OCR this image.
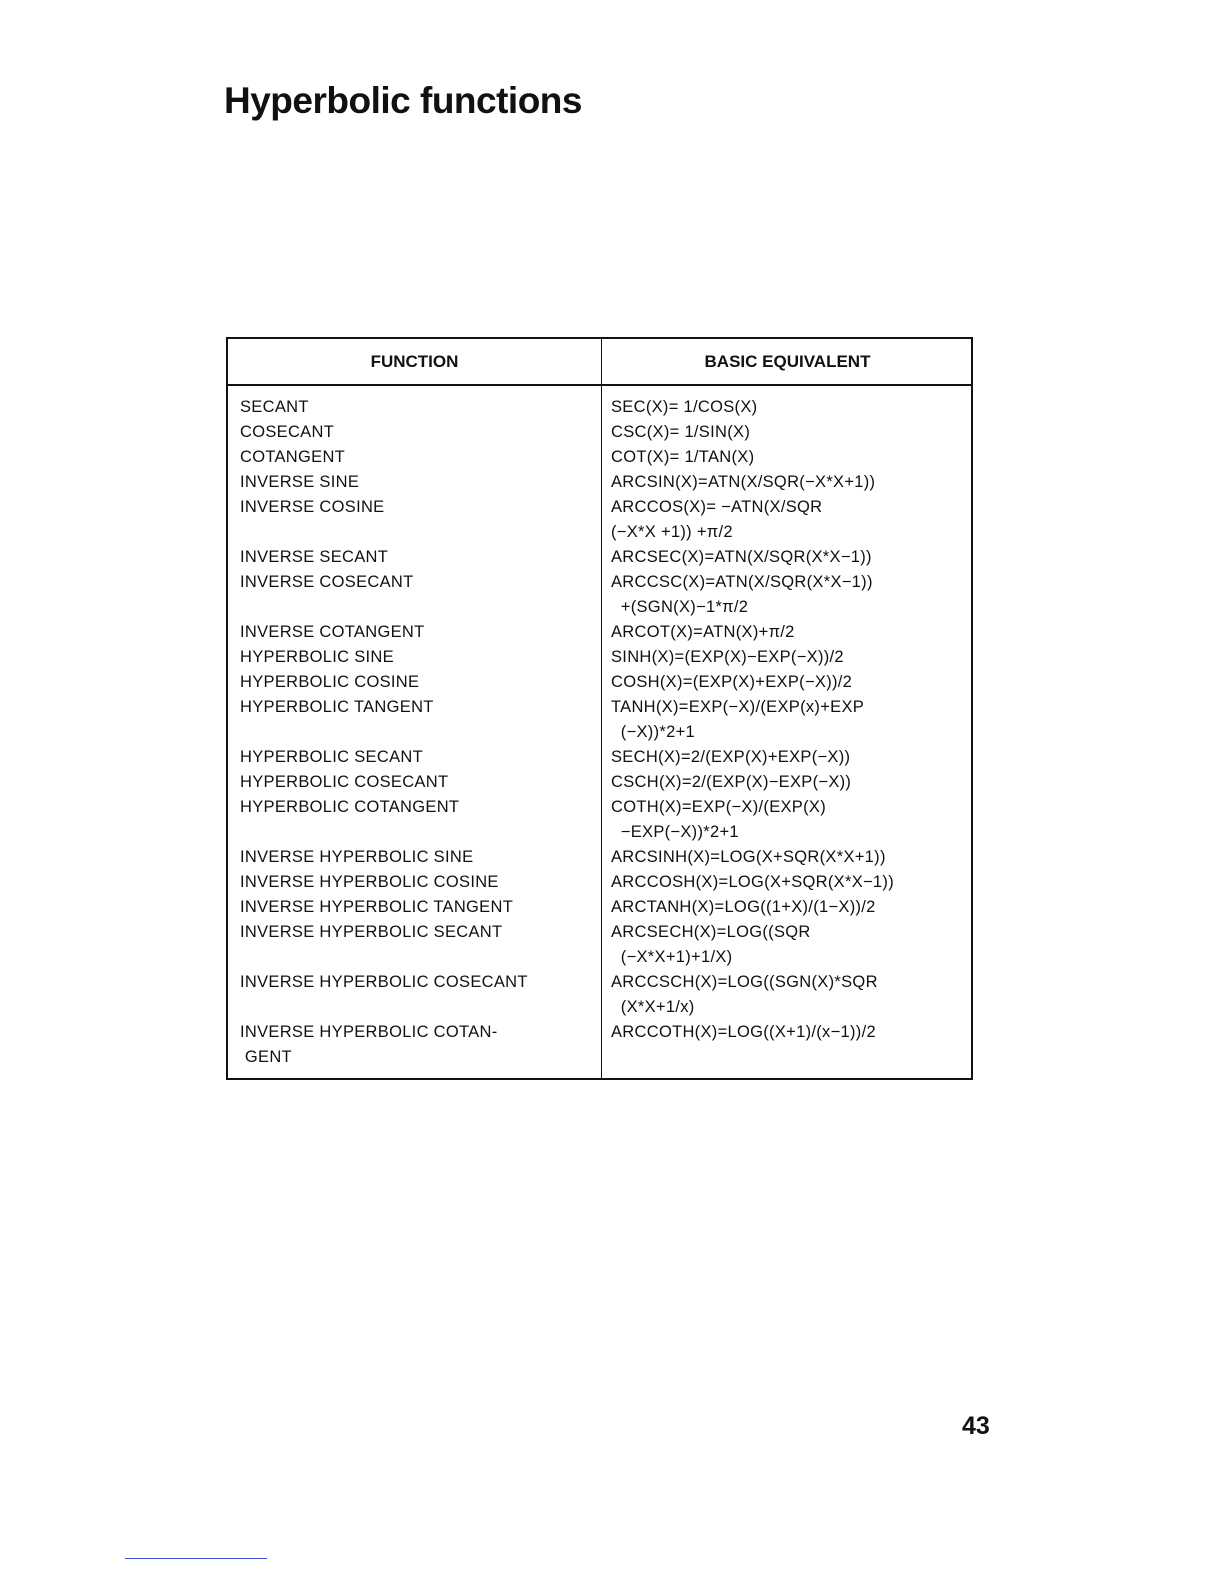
Hyperbolic functions
FUNCTION	BASIC EQUIVALENT
SECANT
COSECANT
COTANGENT
INVERSE SINE
INVERSE COSINE
INVERSE SECANT
INVERSE COSECANT
INVERSE COTANGENT
HYPERBOLIC SINE
HYPERBOLIC COSINE
HYPERBOLIC TANGENT
HYPERBOLIC SECANT
HYPERBOLIC COSECANT
HYPERBOLIC COTANGENT
INVERSE HYPERBOLIC SINE
INVERSE HYPERBOLIC COSINE
INVERSE HYPERBOLIC TANGENT
INVERSE HYPERBOLIC SECANT
INVERSE HYPERBOLIC COSECANT
INVERSE HYPERBOLIC COTAN-
GENT
SEC(X)= 1/COS(X)
CSC(X)= 1/SIN(X)
COT(X)= 1/TAN(X)
ARCSIN(X)=ATN(X/SQR(−X*X+1))
ARCCOS(X)= −ATN(X/SQR
(−X*X +1)) +π/2
ARCSEC(X)=ATN(X/SQR(X*X−1))
ARCCSC(X)=ATN(X/SQR(X*X−1))
+(SGN(X)−1*π/2
ARCOT(X)=ATN(X)+π/2
SINH(X)=(EXP(X)−EXP(−X))/2
COSH(X)=(EXP(X)+EXP(−X))/2
TANH(X)=EXP(−X)/(EXP(x)+EXP
(−X))*2+1
SECH(X)=2/(EXP(X)+EXP(−X))
CSCH(X)=2/(EXP(X)−EXP(−X))
COTH(X)=EXP(−X)/(EXP(X)
−EXP(−X))*2+1
ARCSINH(X)=LOG(X+SQR(X*X+1))
ARCCOSH(X)=LOG(X+SQR(X*X−1))
ARCTANH(X)=LOG((1+X)/(1−X))/2
ARCSECH(X)=LOG((SQR
(−X*X+1)+1/X)
ARCCSCH(X)=LOG((SGN(X)*SQR
(X*X+1/x)
ARCCOTH(X)=LOG((X+1)/(x−1))/2
43
